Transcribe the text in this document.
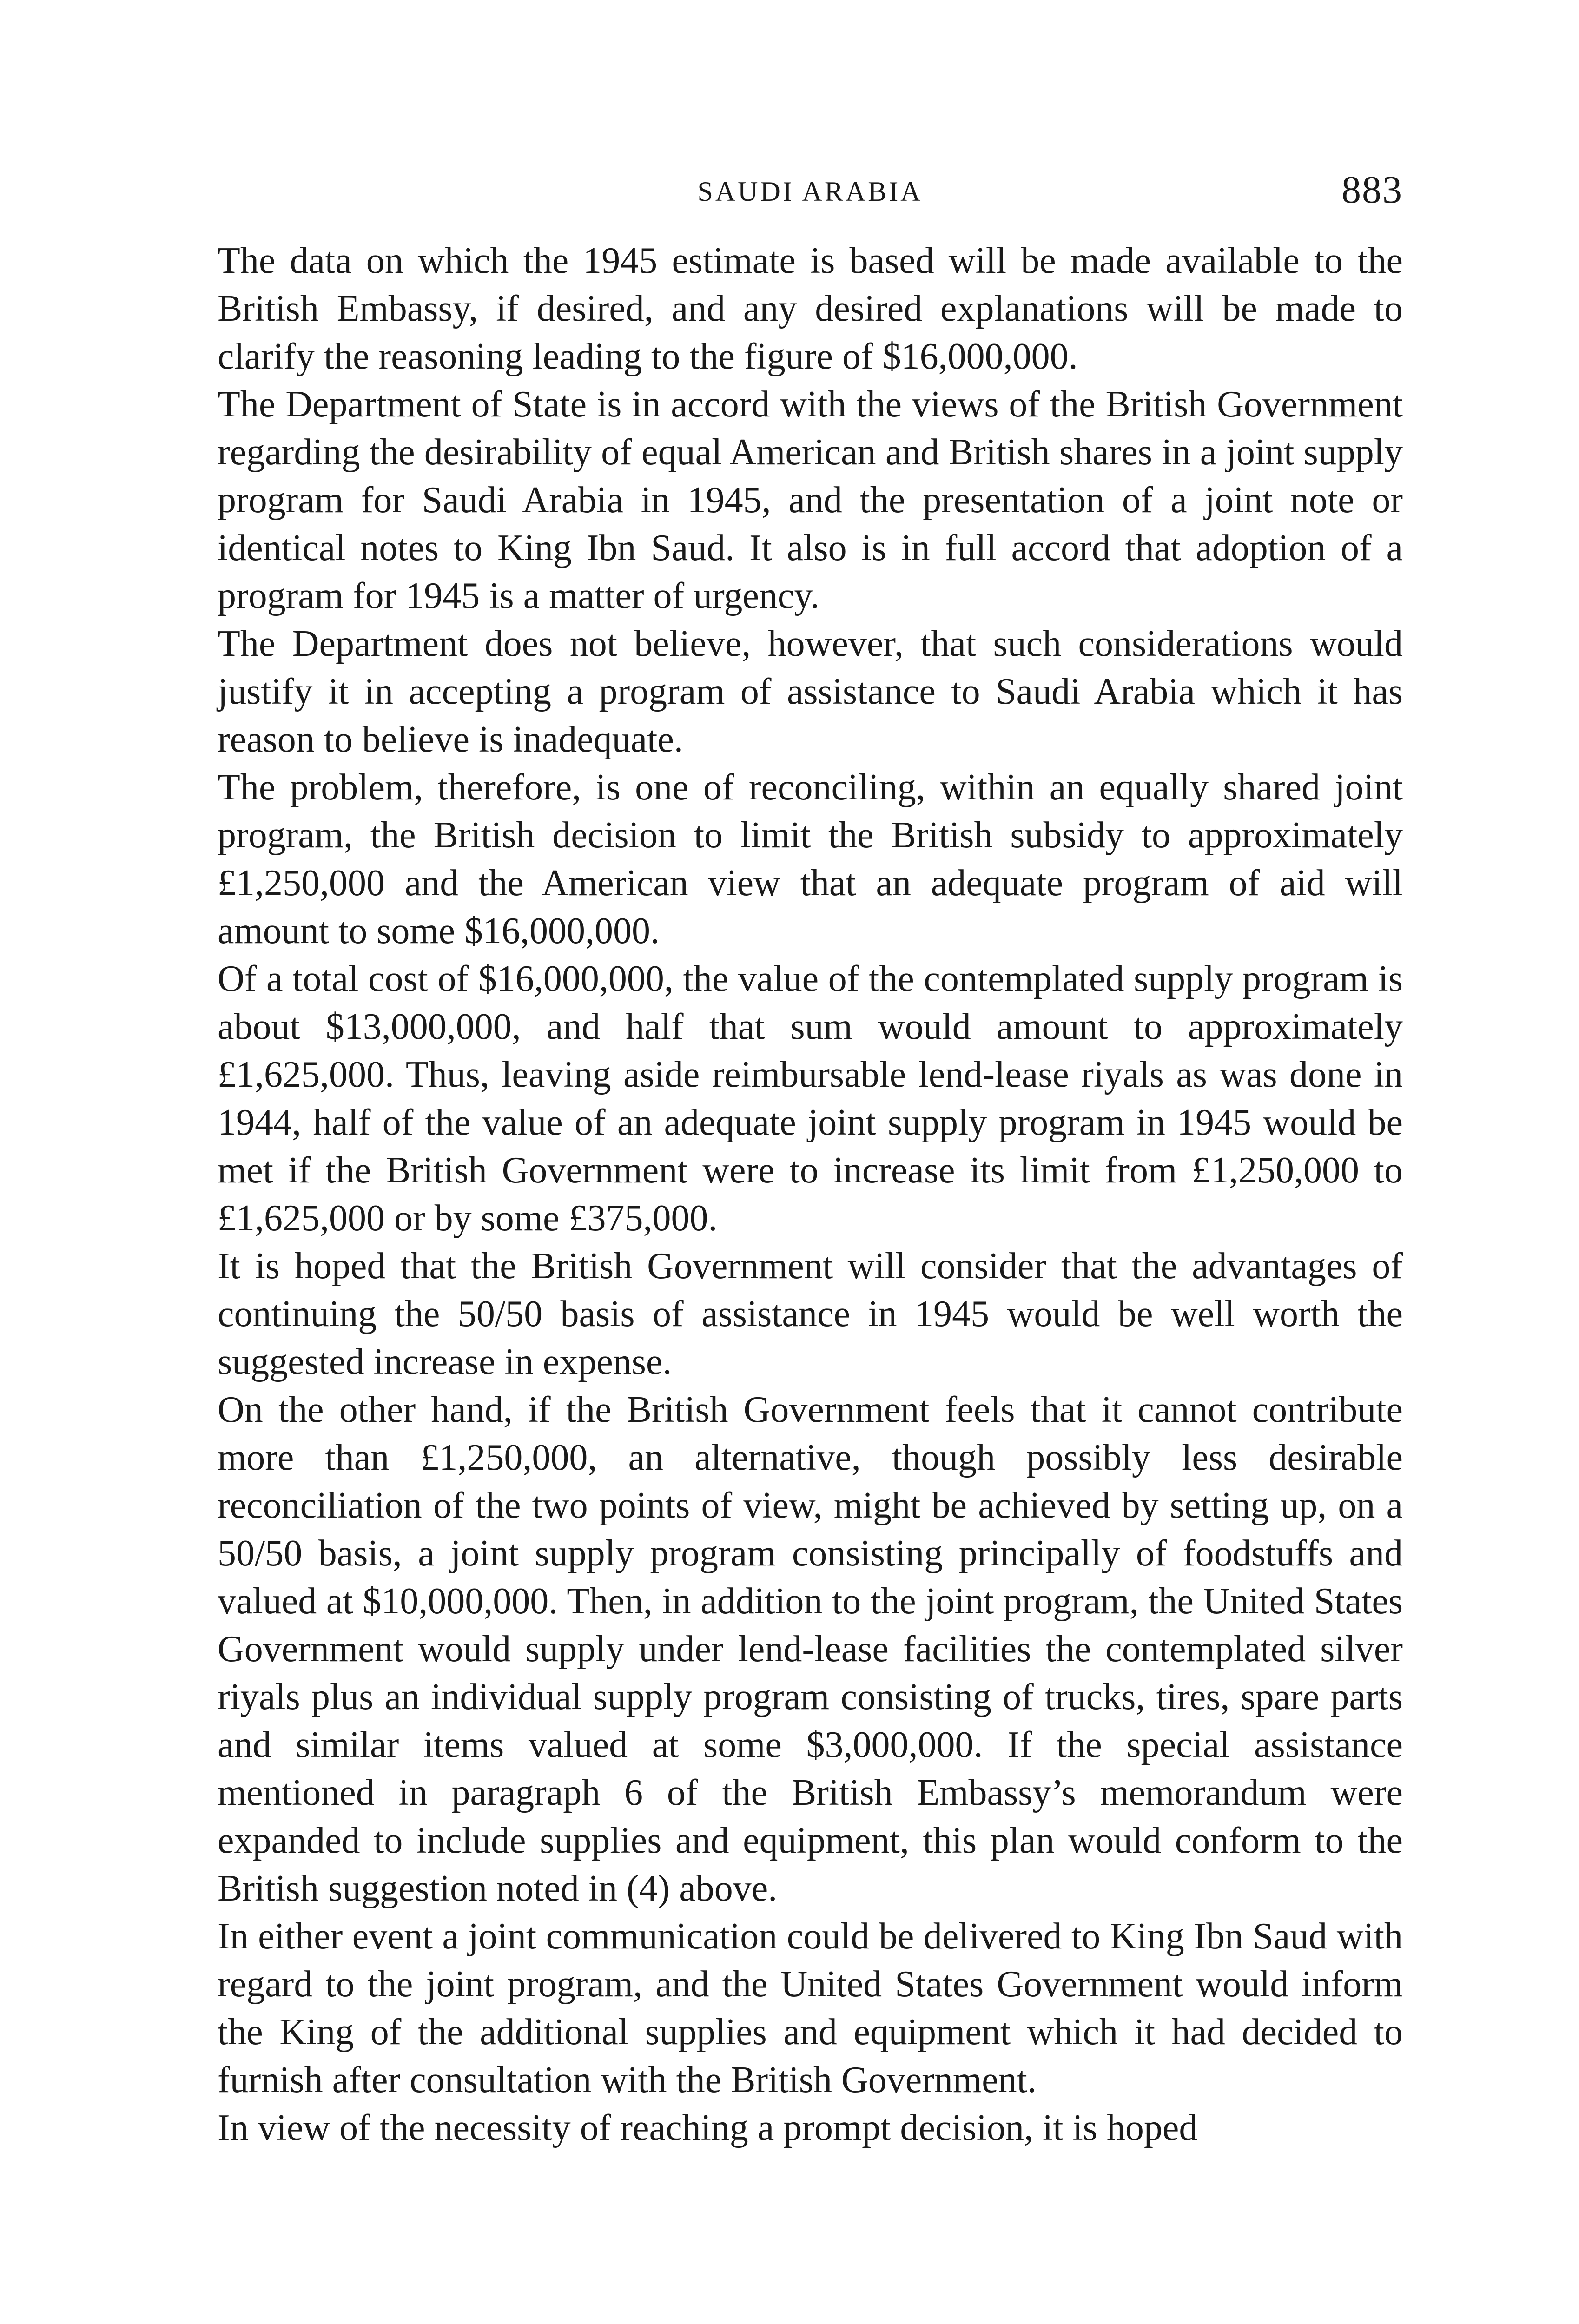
SAUDI ARABIA	883

The data on which the 1945 estimate is based will be made available to the British Embassy, if desired, and any desired explanations will be made to clarify the reasoning leading to the figure of $16,000,000.

The Department of State is in accord with the views of the British Government regarding the desirability of equal American and British shares in a joint supply program for Saudi Arabia in 1945, and the presentation of a joint note or identical notes to King Ibn Saud. It also is in full accord that adoption of a program for 1945 is a matter of urgency.

The Department does not believe, however, that such considerations would justify it in accepting a program of assistance to Saudi Arabia which it has reason to believe is inadequate.

The problem, therefore, is one of reconciling, within an equally shared joint program, the British decision to limit the British subsidy to approximately £1,250,000 and the American view that an adequate program of aid will amount to some $16,000,000.

Of a total cost of $16,000,000, the value of the contemplated supply program is about $13,000,000, and half that sum would amount to approximately £1,625,000. Thus, leaving aside reimbursable lend-lease riyals as was done in 1944, half of the value of an adequate joint supply program in 1945 would be met if the British Government were to increase its limit from £1,250,000 to £1,625,000 or by some £375,000.

It is hoped that the British Government will consider that the advantages of continuing the 50/50 basis of assistance in 1945 would be well worth the suggested increase in expense.

On the other hand, if the British Government feels that it cannot contribute more than £1,250,000, an alternative, though possibly less desirable reconciliation of the two points of view, might be achieved by setting up, on a 50/50 basis, a joint supply program consisting principally of foodstuffs and valued at $10,000,000. Then, in addition to the joint program, the United States Government would supply under lend-lease facilities the contemplated silver riyals plus an individual supply program consisting of trucks, tires, spare parts and similar items valued at some $3,000,000. If the special assistance mentioned in paragraph 6 of the British Embassy’s memorandum were expanded to include supplies and equipment, this plan would conform to the British suggestion noted in (4) above.

In either event a joint communication could be delivered to King Ibn Saud with regard to the joint program, and the United States Government would inform the King of the additional supplies and equipment which it had decided to furnish after consultation with the British Government.

In view of the necessity of reaching a prompt decision, it is hoped
